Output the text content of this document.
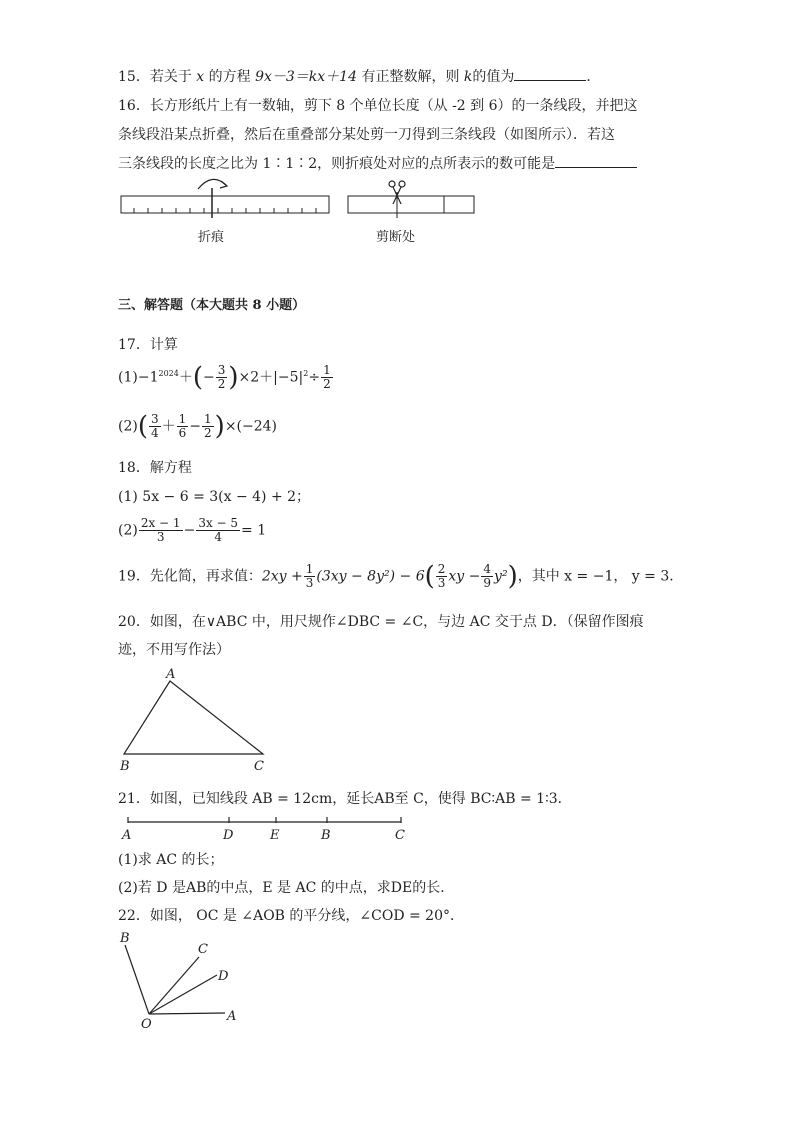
15．若关于 x 的方程 9x－3＝kx＋14 有正整数解，则 k的值为	．
16．长方形纸片上有一数轴，剪下 8 个单位长度（从 -2 到 6）的一条线段，并把这
条线段沿某点折叠，然后在重叠部分某处剪一刀得到三条线段（如图所示）．若这
三条线段的长度之比为 1∶1∶2，则折痕处对应的点所表示的数可能是
折痕	剪断处
三、解答题（本大题共 8 小题）
17．计算
$(1)-1^{2024}+(- \frac{3}{2} )\times 2+|-5|^2\div \frac{1}{2}$
$(2)( \frac{3}{4} + \frac{1}{6} - \frac{1}{2} )\times(-24)$
18．解方程
(1) 5x − 6 = 3(x − 4) + 2；
$(2) \frac{2x - 1}{3} - \frac{3x - 5}{4} = 1$
19．先化简，再求值：$2xy + \frac{1}{3} (3xy - 8y^2) - 6( \frac{2}{3}$ xy − $\frac{4}{9} y^2$)，其中 x = −1， y = 3．
20．如图，在∨ABC 中，用尺规作∠DBC = ∠C，与边 AC 交于点 D．（保留作图痕
迹，不用写作法）
A
B	C
21．如图，已知线段 AB = 12cm，延长AB至 C，使得 BC∶AB = 1∶3．
A	D	E	B	C
(1)求 AC 的长；
(2)若 D 是AB的中点，E 是 AC 的中点，求DE的长．
22．如图， OC 是 ∠AOB 的平分线，∠COD = 20°．
B
C
D
O
A
